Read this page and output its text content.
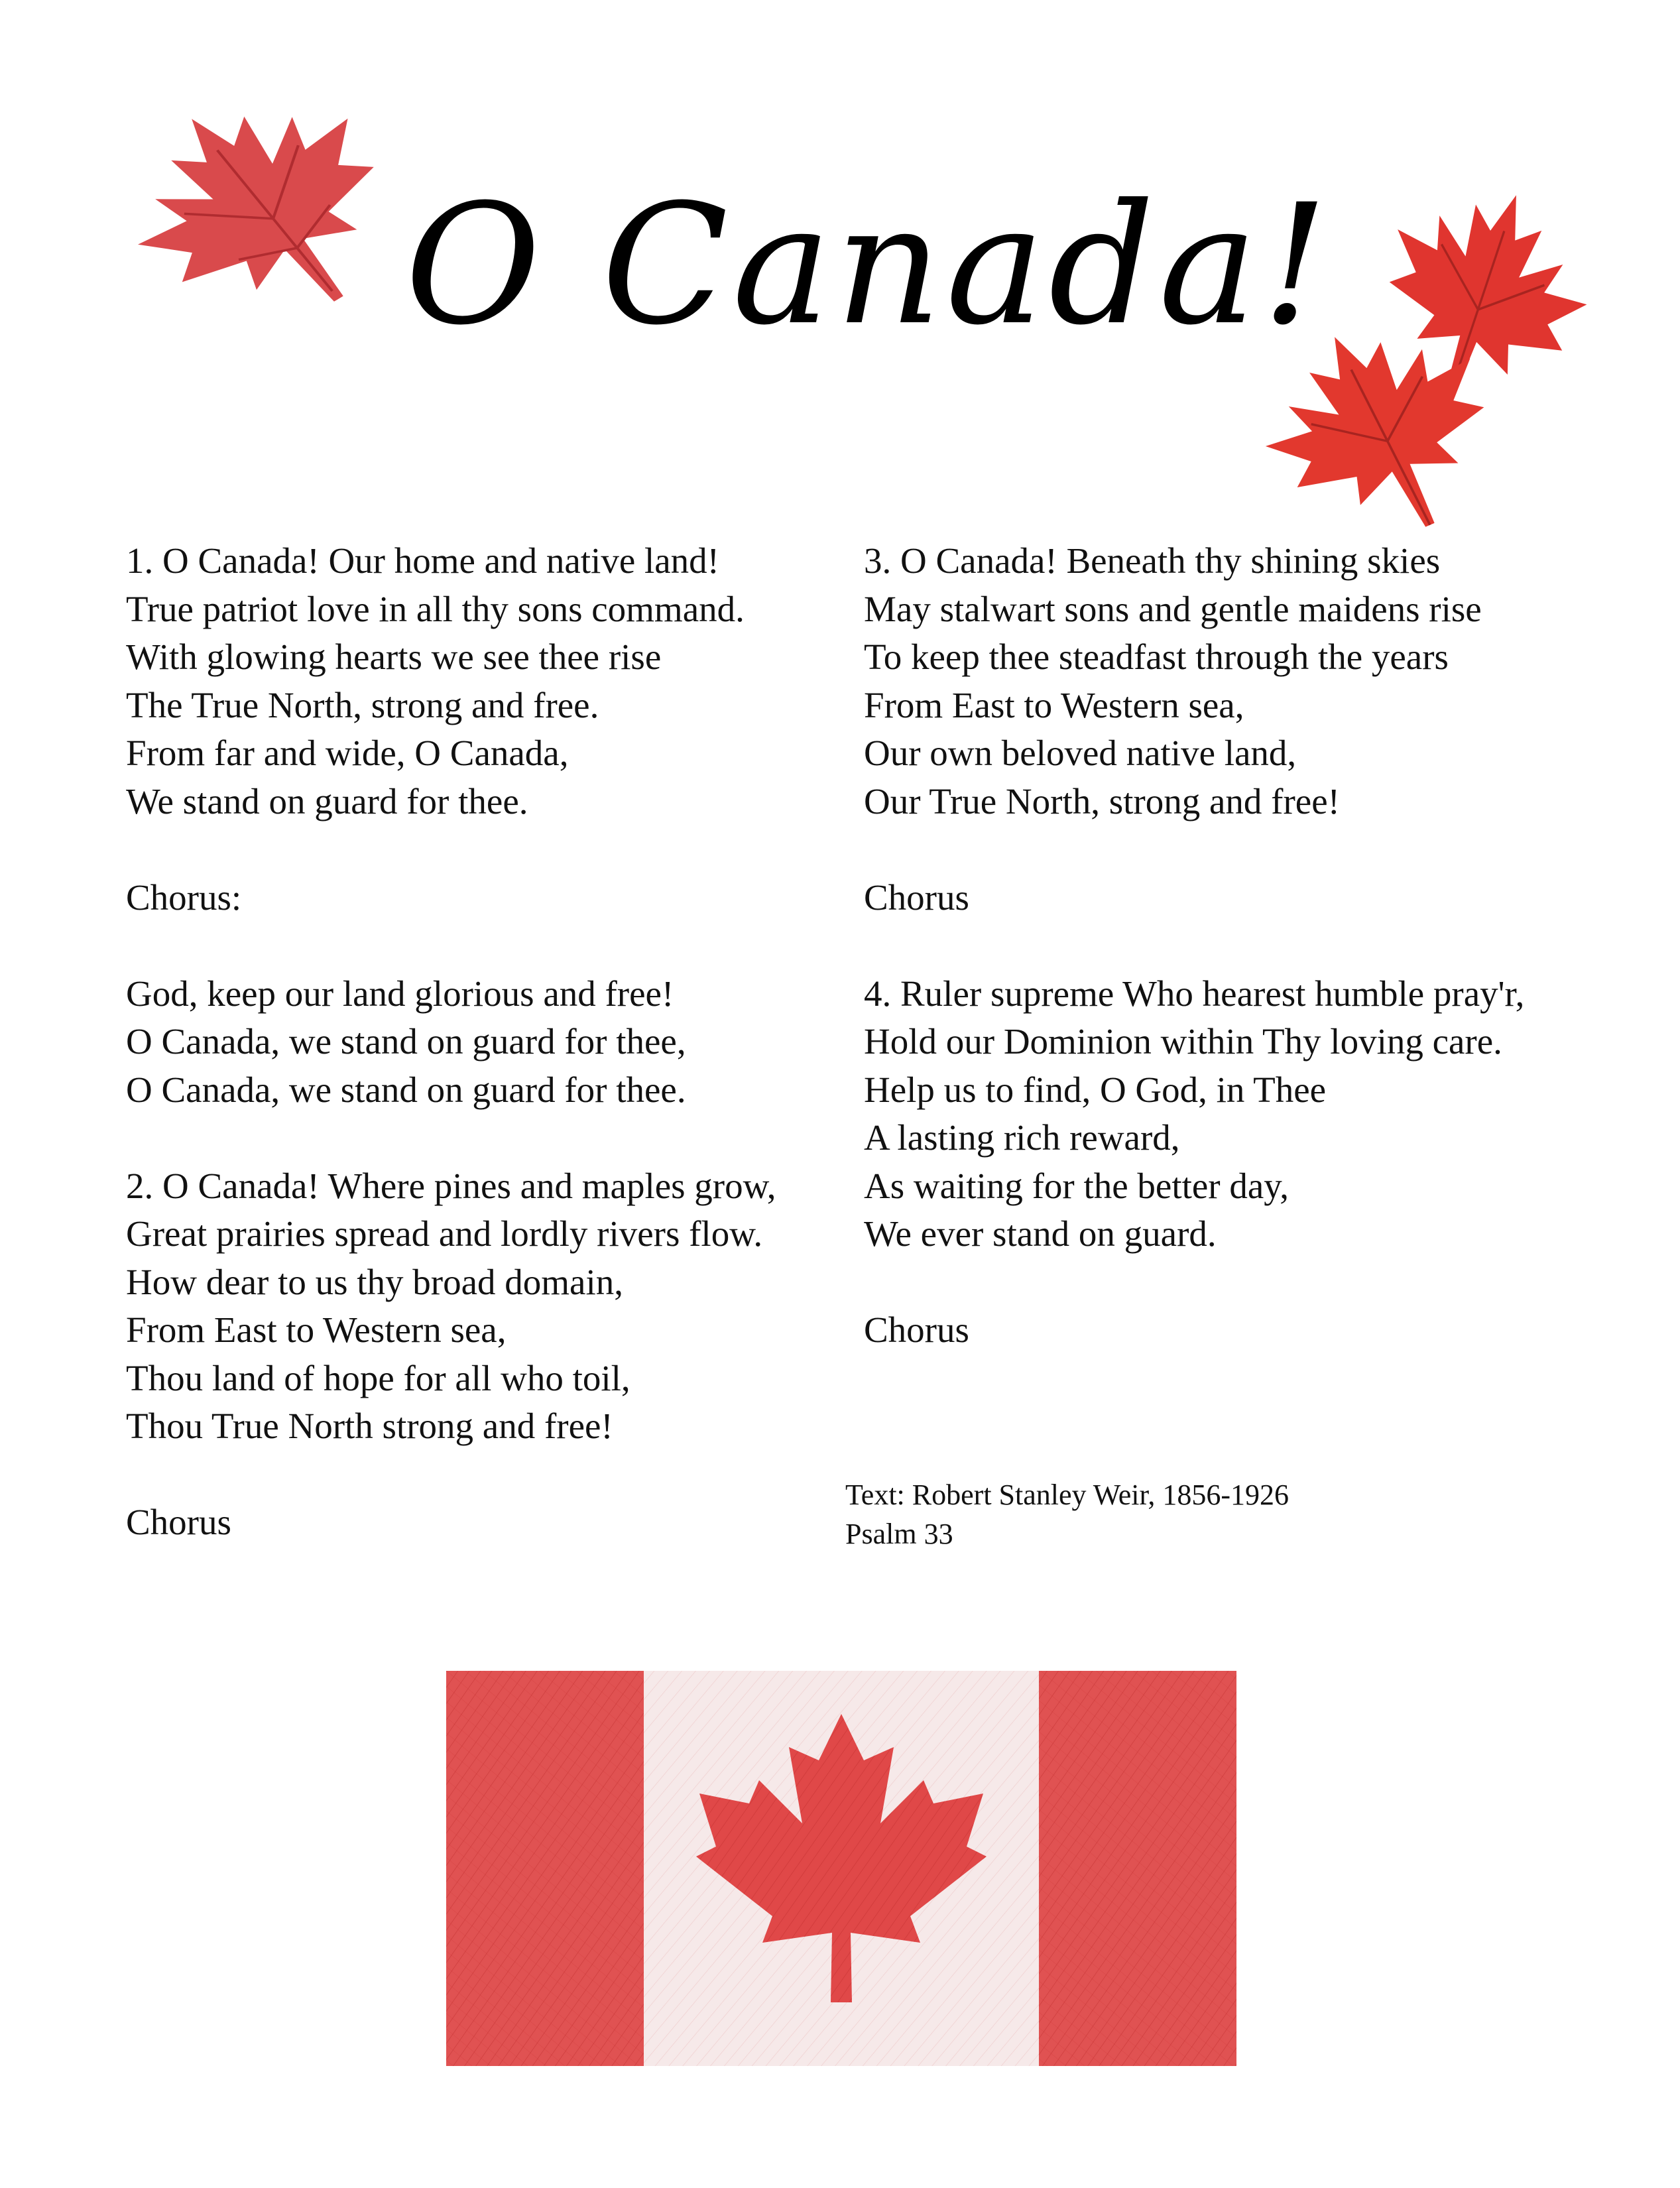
O Canada!
1. O Canada! Our home and native land!
True patriot love in all thy sons command.
With glowing hearts we see thee rise
The True North, strong and free.
From far and wide, O Canada,
We stand on guard for thee.
Chorus:
God, keep our land glorious and free!
O Canada, we stand on guard for thee,
O Canada, we stand on guard for thee.
2. O Canada! Where pines and maples grow,
Great prairies spread and lordly rivers flow.
How dear to us thy broad domain,
From East to Western sea,
Thou land of hope for all who toil,
Thou True North strong and free!
Chorus
3. O Canada! Beneath thy shining skies
May stalwart sons and gentle maidens rise
To keep thee steadfast through the years
From East to Western sea,
Our own beloved native land,
Our True North, strong and free!
Chorus
4. Ruler supreme Who hearest humble pray'r,
Hold our Dominion within Thy loving care.
Help us to find, O God, in Thee
A lasting rich reward,
As waiting for the better day,
We ever stand on guard.
Chorus
Text: Robert Stanley Weir, 1856-1926
Psalm 33
